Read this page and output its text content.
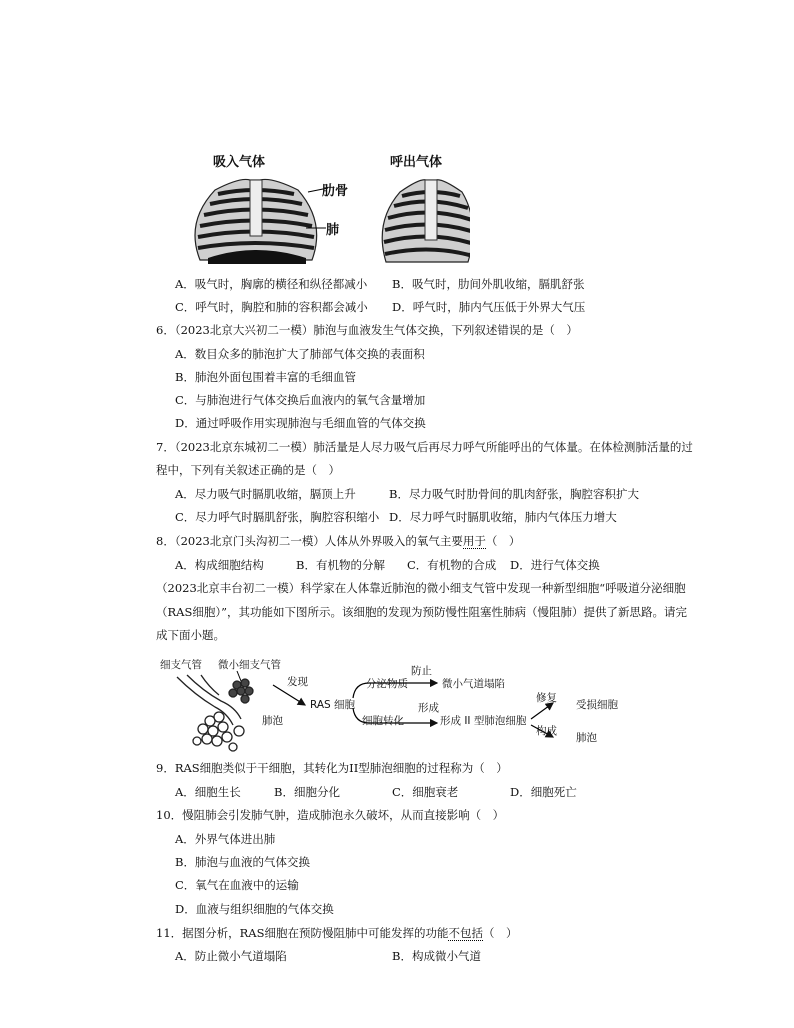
吸入气体	呼出气体
肋骨
肺
A．吸气时，胸廓的横径和纵径都减小 B．吸气时，肋间外肌收缩，膈肌舒张
C．呼气时，胸腔和肺的容积都会减小 D．呼气时，肺内气压低于外界大气压
6．（2023北京大兴初二一模）肺泡与血液发生气体交换，下列叙述错误的是（　）
A．数目众多的肺泡扩大了肺部气体交换的表面积
B．肺泡外面包围着丰富的毛细血管
C．与肺泡进行气体交换后血液内的氧气含量增加
D．通过呼吸作用实现肺泡与毛细血管的气体交换
7．（2023北京东城初二一模）肺活量是人尽力吸气后再尽力呼气所能呼出的气体量。在体检测肺活量的过
程中，下列有关叙述正确的是（　）
A．尽力吸气时膈肌收缩，膈顶上升	B．尽力吸气时肋骨间的肌肉舒张，胸腔容积扩大
C．尽力呼气时膈肌舒张，胸腔容积缩小 D．尽力呼气时膈肌收缩，肺内气体压力增大
8．（2023北京门头沟初二一模）人体从外界吸入的氧气主要用于（　）
A．构成细胞结构	B．有机物的分解 C．有机物的合成 D．进行气体交换
（2023北京丰台初二一模）科学家在人体靠近肺泡的微小细支气管中发现一种新型细胞“呼吸道分泌细胞
（RAS细胞）”，其功能如下图所示。该细胞的发现为预防慢性阻塞性肺病（慢阻肺）提供了新思路。请完
成下面小题。
细支气管 微小细支气管
肺泡
发现
RAS 细胞
分泌物质
防止
微小气道塌陷
细胞转化
形成
形成 II 型肺泡细胞
修复
受损细胞
构成
肺泡
9．RAS细胞类似于干细胞，其转化为II型肺泡细胞的过程称为（　）
A．细胞生长	B．细胞分化	C．细胞衰老	D．细胞死亡
10．慢阻肺会引发肺气肿，造成肺泡永久破坏，从而直接影响（　）
A．外界气体进出肺
B．肺泡与血液的气体交换
C．氧气在血液中的运输
D．血液与组织细胞的气体交换
11．据图分析，RAS细胞在预防慢阻肺中可能发挥的功能不包括（　）
A．防止微小气道塌陷	B．构成微小气道
